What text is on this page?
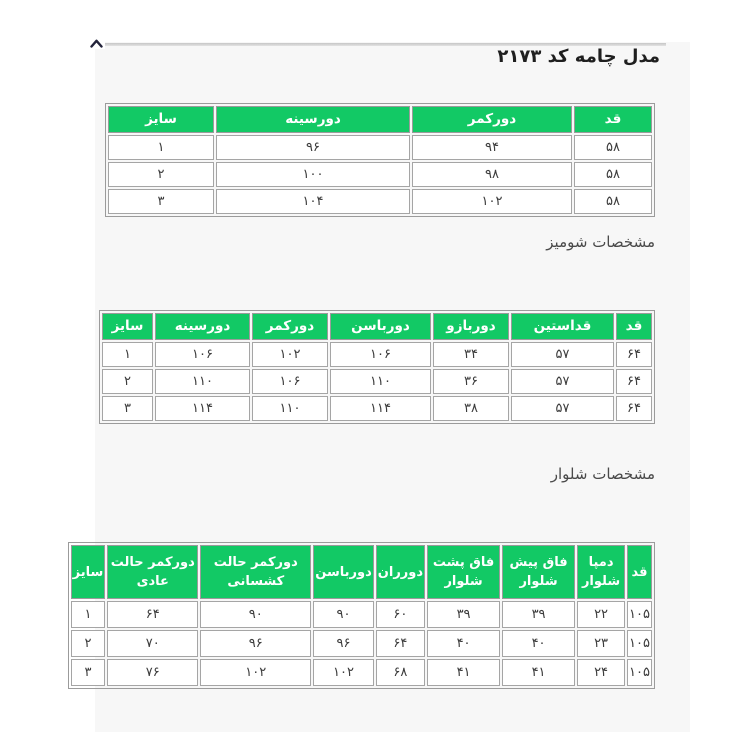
مدل چامه کد ۲۱۷۳
قد	دورکمر	دورسینه	سایز
۵۸	۹۴	۹۶	۱
۵۸	۹۸	۱۰۰	۲
۵۸	۱۰۲	۱۰۴	۳
مشخصات شومیز
قد	قداستین	دوربازو	دورباسن	دورکمر	دورسینه	سایز
۶۴	۵۷	۳۴	۱۰۶	۱۰۲	۱۰۶	۱
۶۴	۵۷	۳۶	۱۱۰	۱۰۶	۱۱۰	۲
۶۴	۵۷	۳۸	۱۱۴	۱۱۰	۱۱۴	۳
مشخصات شلوار
قد	دمپا شلوار	فاق پیش شلوار	فاق پشت شلوار	دورران	دورباسن	دورکمر حالت کشسانی	دورکمر حالت عادی	سایز
۱۰۵	۲۲	۳۹	۳۹	۶۰	۹۰	۹۰	۶۴	۱
۱۰۵	۲۳	۴۰	۴۰	۶۴	۹۶	۹۶	۷۰	۲
۱۰۵	۲۴	۴۱	۴۱	۶۸	۱۰۲	۱۰۲	۷۶	۳
